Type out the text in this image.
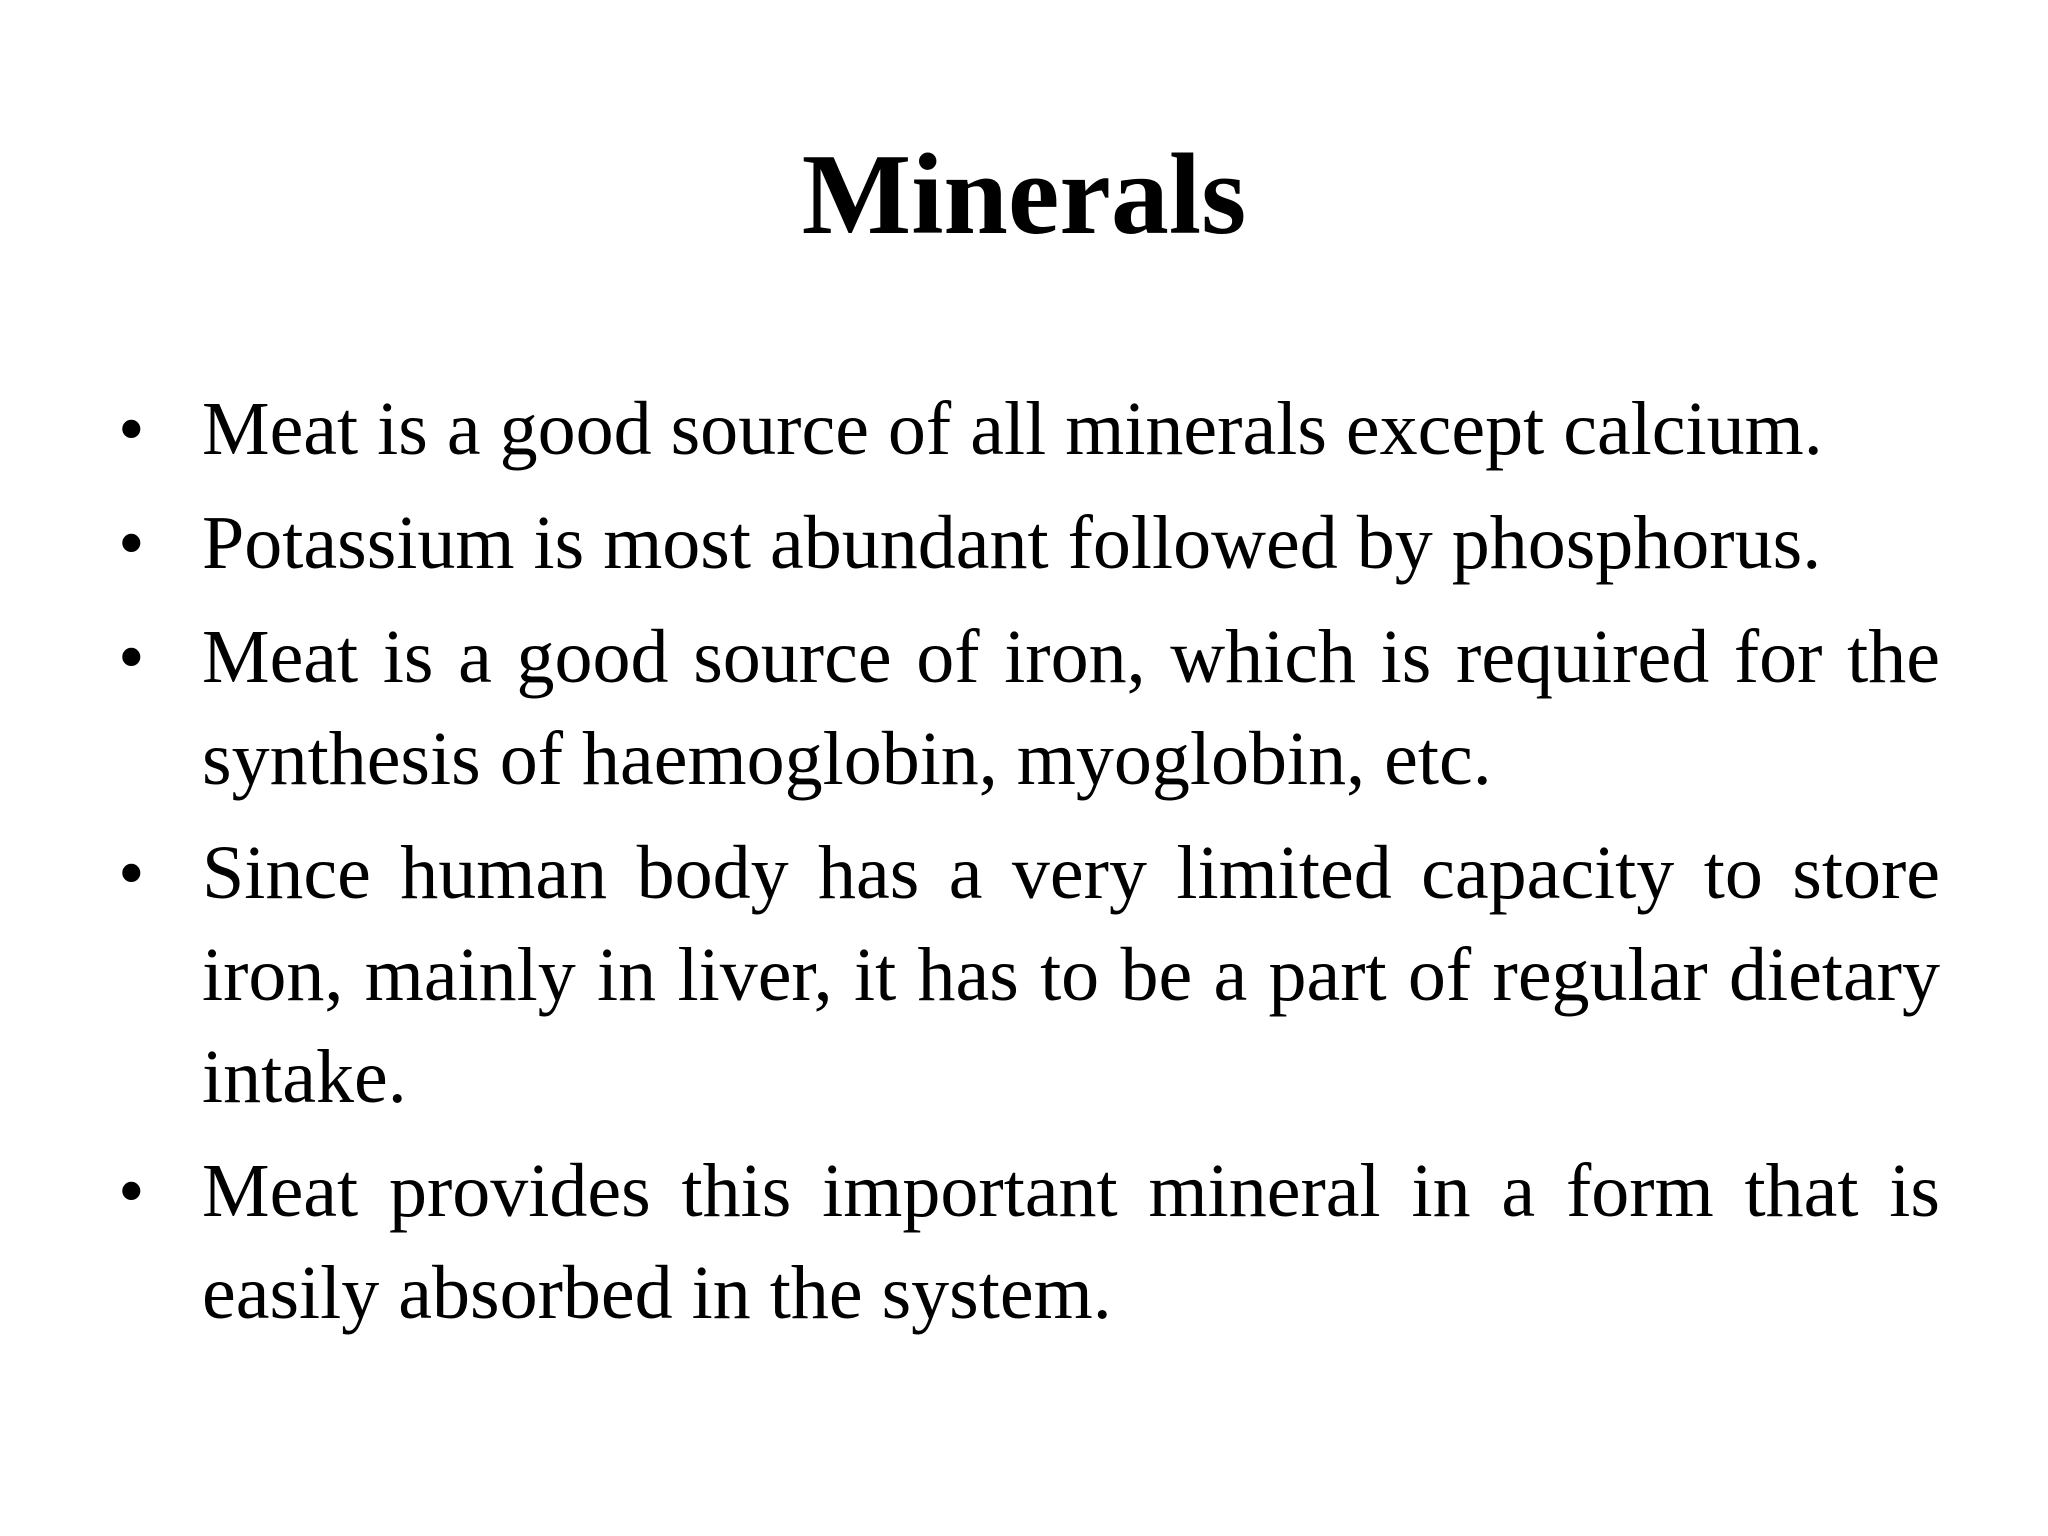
Minerals
• Meat is a good source of all minerals except calcium.
• Potassium is most abundant followed by phosphorus.
• Meat is a good source of iron, which is required for the synthesis of haemoglobin, myoglobin, etc.
• Since human body has a very limited capacity to store iron, mainly in liver, it has to be a part of regular dietary intake.
• Meat provides this important mineral in a form that is easily absorbed in the system.
